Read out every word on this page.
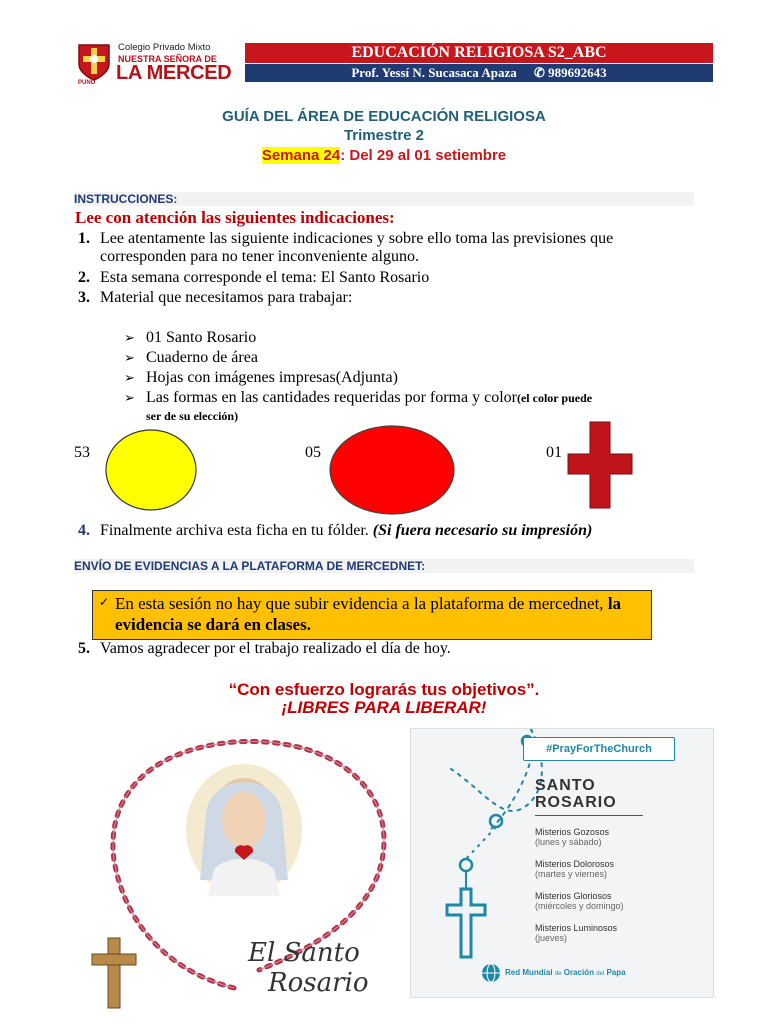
Colegio Privado Mixto
NUESTRA SEÑORA DE
LA MERCED
PUNO
EDUCACIÓN RELIGIOSA S2_ABC
Prof. Yessí N. Sucasaca Apaza ✆ 989692643
GUÍA DEL ÁREA DE EDUCACIÓN RELIGIOSA
Trimestre 2
Semana 24: Del 29 al 01 setiembre
INSTRUCCIONES:
Lee con atención las siguientes indicaciones:
1. Lee atentamente las siguiente indicaciones y sobre ello toma las previsiones que corresponden para no tener inconveniente alguno.
2. Esta semana corresponde el tema: El Santo Rosario
3. Material que necesitamos para trabajar:
➢ 01 Santo Rosario
➢ Cuaderno de área
➢ Hojas con imágenes impresas(Adjunta)
➢ Las formas en las cantidades requeridas por forma y color(el color puede
ser de su elección)
53	05	01
4. Finalmente archiva esta ficha en tu fólder. (Si fuera necesario su impresión)
ENVÍO DE EVIDENCIAS A LA PLATAFORMA DE MERCEDNET:
✓ En esta sesión no hay que subir evidencia a la plataforma de mercednet, la evidencia se dará en clases.
5. Vamos agradecer por el trabajo realizado el día de hoy.
“Con esfuerzo lograrás tus objetivos”.
¡LIBRES PARA LIBERAR!
El Santo
Rosario
#PrayForTheChurch
SANTO
ROSARIO
Misterios Gozosos
(lunes y sábado)
Misterios Dolorosos
(martes y viernes)
Misterios Gloriosos
(miércoles y domingo)
Misterios Luminosos
(jueves)
Red Mundial de Oración del Papa
